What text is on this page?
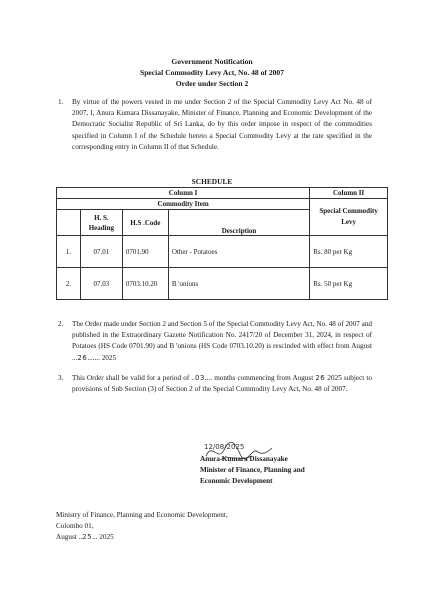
Government Notification
Special Commodity Levy Act, No. 48 of 2007
Order under Section 2
1. By virtue of the powers vested in me under Section 2 of the Special Commodity Levy Act No. 48 of 2007, I, Anura Kumara Dissanayake, Minister of Finance, Planning and Economic Development of the Democratic Socialist Republic of Sri Lanka, do by this order impose in respect of the commodities specified in Column I of the Schedule hereto a Special Commodity Levy at the rate specified in the corresponding entry in Column II of that Schedule.
SCHEDULE
Column I				Column II
Commodity Item				Special Commodity Levy
	H. S. Heading	H.S .Code	Description	
1.	07.01	0701.90	Other - Potatoes	Rs. 80 per Kg
2.	07.03	0703.10.20	B 'onions	Rs. 50 per Kg
2. The Order made under Section 2 and Section 5 of the Special Commodity Levy Act, No. 48 of 2007 and published in the Extraordinary Gazette Notification No. 2417/20 of December 31, 2024, in respect of Potatoes (HS Code 0701.90) and B 'onions (HS Code 0703.10.20) is rescinded with effect from August ...26....... 2025
3. This Order shall be valid for a period of ..03.... months commencing from August 26 2025 subject to provisions of Sub Section (3) of Section 2 of the Special Commodity Levy Act, No. 48 of 2007.
12/08/2025
Anura Kumara Dissanayake
Minister of Finance, Planning and
Economic Development
Ministry of Finance, Planning and Economic Development,
Colombo 01,
August ..25... 2025
